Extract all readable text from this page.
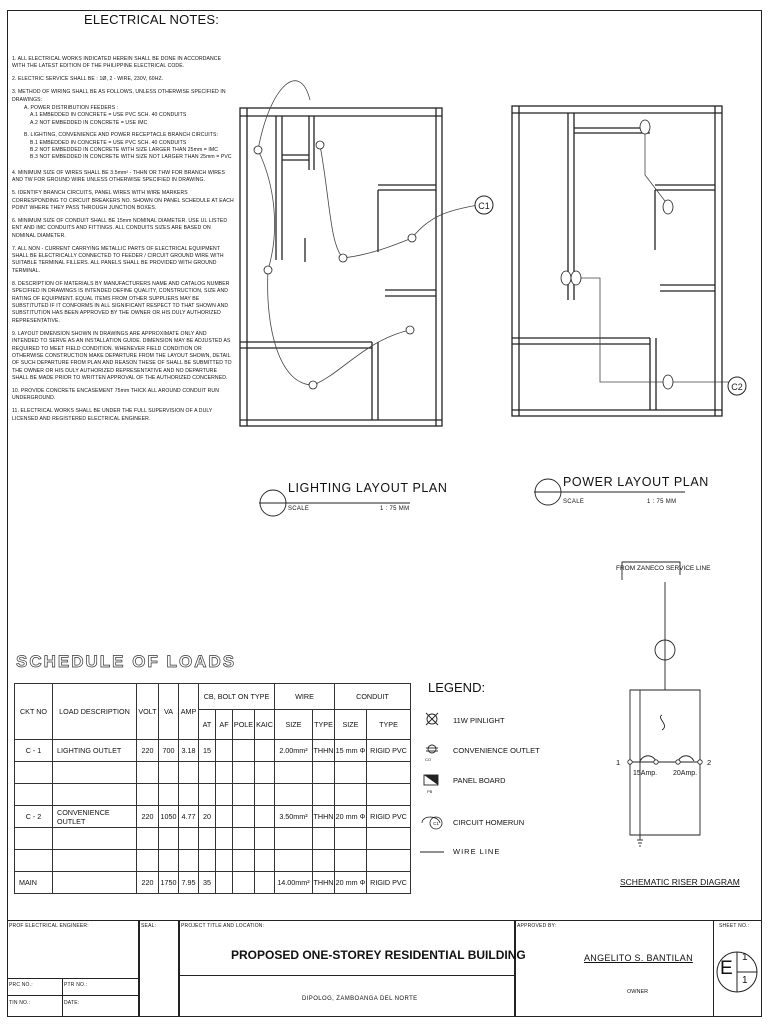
ELECTRICAL NOTES:

1. ALL ELECTRICAL WORKS INDICATED HEREIN SHALL BE DONE IN ACCORDANCE WITH THE LATEST EDITION OF THE PHILIPPINE ELECTRICAL CODE.

2. ELECTRIC SERVICE SHALL BE : 1Ø, 2 - WIRE, 230V, 60HZ.

3. METHOD OF WIRING SHALL BE AS FOLLOWS, UNLESS OTHERWISE SPECIFIED IN DRAWINGS:

A. POWER DISTRIBUTION FEEDERS :

A.1 EMBEDDED IN CONCRETE = USE PVC SCH. 40 CONDUITS

A.2 NOT EMBEDDED IN CONCRETE = USE IMC

B. LIGHTING, CONVENIENCE AND POWER RECEPTACLE BRANCH CIRCUITS:

B.1 EMBEDDED IN CONCRETE = USE PVC SCH. 40 CONDUITS

B.2 NOT EMBEDDED IN CONCRETE WITH SIZE LARGER THAN 25mm = IMC

B.3 NOT EMBEDDED IN CONCRETE WITH SIZE NOT LARGER THAN 25mm = PVC

4. MINIMUM SIZE OF WIRES SHALL BE 3.5mm² - THHN OR THW FOR BRANCH WIRES AND TW FOR GROUND WIRE UNLESS OTHERWISE SPECIFIED IN DRAWING.

5. IDENTIFY BRANCH CIRCUITS, PANEL WIRES WITH WIRE MARKERS CORRESPONDING TO CIRCUIT BREAKERS NO. SHOWN ON PANEL SCHEDULE AT EACH POINT WHERE THEY PASS THROUGH JUNCTION BOXES.

6. MINIMUM SIZE OF CONDUIT SHALL BE 15mm NOMINAL DIAMETER. USE UL LISTED ENT AND IMC CONDUITS AND FITTINGS. ALL CONDUITS SIZES ARE BASED ON NOMINAL DIAMETER.

7. ALL NON - CURRENT CARRYING METALLIC PARTS OF ELECTRICAL EQUIPMENT SHALL BE ELECTRICALLY CONNECTED TO FEEDER / CIRCUIT GROUND WIRE WITH SUITABLE TERMINAL FILLERS. ALL PANELS SHALL BE PROVIDED WITH GROUND TERMINAL.

8. DESCRIPTION OF MATERIALS BY MANUFACTURERS NAME AND CATALOG NUMBER SPECIFIED IN DRAWINGS IS INTENDED DEFINE QUALITY, CONSTRUCTION, SIZE AND RATING OF EQUIPMENT. EQUAL ITEMS FROM OTHER SUPPLIERS MAY BE SUBSTITUTED IF IT CONFORMS IN ALL SIGNIFICANT RESPECT TO THAT SHOWN AND SUBSTITUTION HAS BEEN APPROVED BY THE OWNER OR HIS DULY AUTHORIZED REPRESENTATIVE.

9. LAYOUT DIMENSION SHOWN IN DRAWINGS ARE APPROXIMATE ONLY AND INTENDED TO SERVE AS AN INSTALLATION GUIDE. DIMENSION MAY BE ADJUSTED AS REQUIRED TO MEET FIELD CONDITION. WHENEVER FIELD CONDITION OR OTHERWISE CONSTRUCTION MAKE DEPARTURE FROM THE LAYOUT SHOWN, DETAIL OF SUCH DEPARTURE FROM PLAN AND REASON THESE OF SHALL BE SUBMITTED TO THE OWNER OR HIS DULY AUTHORIZED REPRESENTATIVE AND NO DEPARTURE SHALL BE MADE PRIOR TO WRITTEN APPROVAL OF THE AUTHORIZED CONCERNED.

10. PROVIDE CONCRETE ENCASEMENT 75mm THICK ALL AROUND CONDUIT RUN UNDERGROUND.

11. ELECTRICAL WORKS SHALL BE UNDER THE FULL SUPERVISION OF A DULY LICENSED AND REGISTERED ELECTRICAL ENGINEER.

C1
C2
LIGHTING LAYOUT PLAN
SCALE	1 : 75 MM
POWER LAYOUT PLAN
SCALE	1 : 75 MM
SCHEDULE OF LOADS
CKT NO	LOAD DESCRIPTION	VOLT	VA	AMP	CB, BOLT ON TYPE				WIRE		CONDUIT	
					AT	AF	POLE	KAIC	SIZE	TYPE	SIZE	TYPE
C - 1	LIGHTING OUTLET	220	700	3.18	15				2.00mm²	THHN	15 mm Φ	RIGID PVC

C - 2	CONVENIENCE OUTLET	220	1050	4.77	20				3.50mm²	THHN	20 mm Φ	RIGID PVC

MAIN		220	1750	7.95	35				14.00mm²	THHN	20 mm Φ	RIGID PVC
LEGEND:
CO
PB
C1
11W PINLIGHT
CONVENIENCE OUTLET
PANEL BOARD
CIRCUIT HOMERUN
WIRE LINE
FROM ZANECO SERVICE LINE
1	2
15Amp. 20Amp.
SCHEMATIC RISER DIAGRAM
PROF ELECTRICAL ENGINEER:	SEAL:	PROJECT TITLE AND LOCATION:	APPROVED BY:	SHEET NO.:
PRC NO.:	PTR NO.:
TIN NO.:	DATE:
PROPOSED ONE-STOREY RESIDENTIAL BUILDING
DIPOLOG, ZAMBOANGA DEL NORTE
ANGELITO S. BANTILAN
OWNER
E
1
1
